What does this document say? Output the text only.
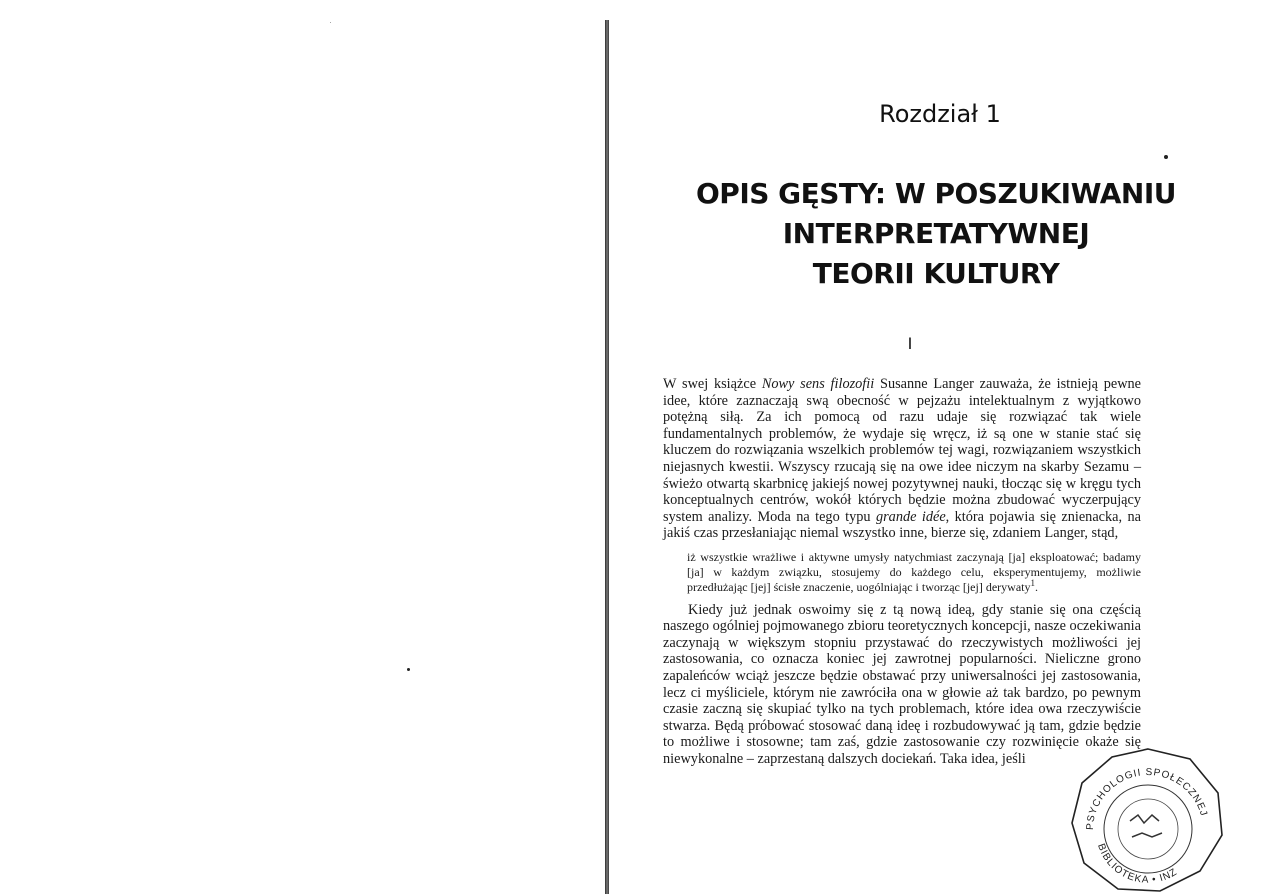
Rozdział 1
OPIS GĘSTY: W POSZUKIWANIU
INTERPRETATYWNEJ
TEORII KULTURY
I

W swej książce Nowy sens filozofii Susanne Langer zauważa, że istnieją pewne idee, które zaznaczają swą obecność w pejzażu intelektualnym z wyjątkowo potężną siłą. Za ich pomocą od razu udaje się rozwiązać tak wiele fundamentalnych problemów, że wydaje się wręcz, iż są one w stanie stać się kluczem do rozwiązania wszelkich problemów tej wagi, rozwiązaniem wszystkich niejasnych kwestii. Wszyscy rzucają się na owe idee niczym na skarby Sezamu – świeżo otwartą skarbnicę jakiejś nowej pozytywnej nauki, tłocząc się w kręgu tych konceptualnych centrów, wokół których będzie można zbudować wyczerpujący system analizy. Moda na tego typu grande idée, która pojawia się znienacka, na jakiś czas przesłaniając niemal wszystko inne, bierze się, zdaniem Langer, stąd,

iż wszystkie wrażliwe i aktywne umysły natychmiast zaczynają [ja] eksploatować; badamy [ja] w każdym związku, stosujemy do każdego celu, eksperymentujemy, możliwie przedłużając [jej] ścisłe znaczenie, uogólniając i tworząc [jej] derywaty$^1$.

Kiedy już jednak oswoimy się z tą nową ideą, gdy stanie się ona częścią naszego ogólniej pojmowanego zbioru teoretycznych koncepcji, nasze oczekiwania zaczynają w większym stopniu przystawać do rzeczywistych możliwości jej zastosowania, co oznacza koniec jej zawrotnej popularności. Nieliczne grono zapaleńców wciąż jeszcze będzie obstawać przy uniwersalności jej zastosowania, lecz ci myśliciele, którym nie zawróciła ona w głowie aż tak bardzo, po pewnym czasie zaczną się skupiać tylko na tych problemach, które idea owa rzeczywiście stwarza. Będą próbować stosować daną ideę i rozbudowywać ją tam, gdzie będzie to możliwe i stosowne; tam zaś, gdzie zastosowanie czy rozwinięcie okaże się niewykonalne – zaprzestaną dalszych dociekań. Taka idea, jeśli

PSYCHOLOGII SPOŁECZNEJ
BIBLIOTEKA • INZ
